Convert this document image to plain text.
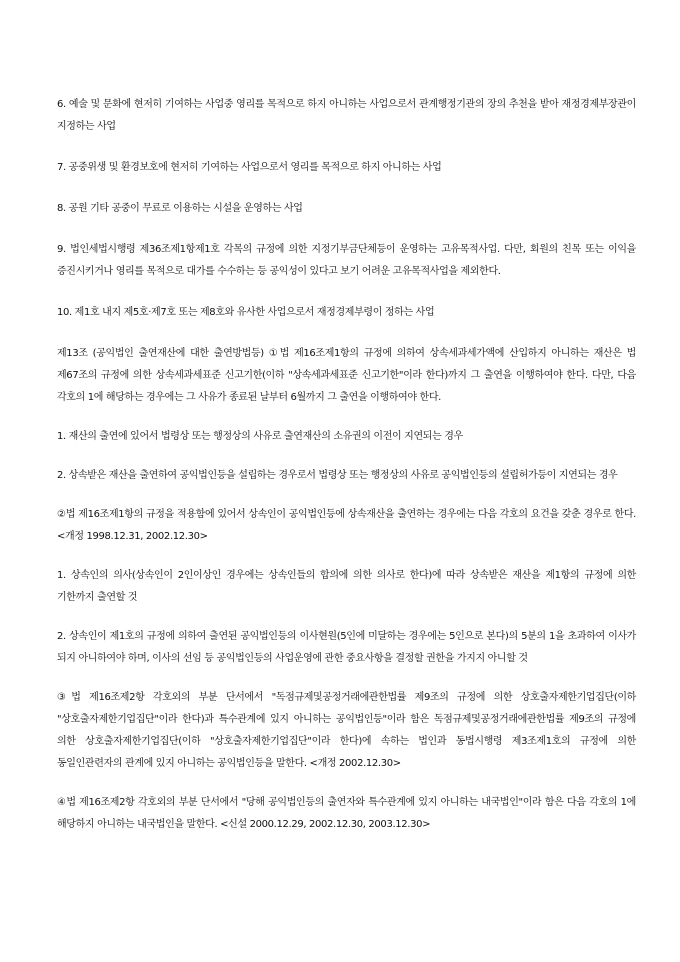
6. 예술 및 문화에 현저히 기여하는 사업중 영리를 목적으로 하지 아니하는 사업으로서 관계행정기관의 장의 추천을 받아 재정경제부장관이 지정하는 사업

7. 공중위생 및 환경보호에 현저히 기여하는 사업으로서 영리를 목적으로 하지 아니하는 사업

8. 공원 기타 공중이 무료로 이용하는 시설을 운영하는 사업

9. 법인세법시행령 제36조제1항제1호 각목의 규정에 의한 지정기부금단체등이 운영하는 고유목적사업. 다만, 회원의 친목 또는 이익을 증진시키거나 영리를 목적으로 대가를 수수하는 등 공익성이 있다고 보기 어려운 고유목적사업을 제외한다.

10. 제1호 내지 제5호·제7호 또는 제8호와 유사한 사업으로서 재정경제부령이 정하는 사업

제13조 (공익법인 출연재산에 대한 출연방법등) ①법 제16조제1항의 규정에 의하여 상속세과세가액에 산입하지 아니하는 재산은 법 제67조의 규정에 의한 상속세과세표준 신고기한(이하 "상속세과세표준 신고기한"이라 한다)까지 그 출연을 이행하여야 한다. 다만, 다음 각호의 1에 해당하는 경우에는 그 사유가 종료된 날부터 6월까지 그 출연을 이행하여야 한다.

1. 재산의 출연에 있어서 법령상 또는 행정상의 사유로 출연재산의 소유권의 이전이 지연되는 경우

2. 상속받은 재산을 출연하여 공익법인등을 설립하는 경우로서 법령상 또는 행정상의 사유로 공익법인등의 설립허가등이 지연되는 경우

②법 제16조제1항의 규정을 적용함에 있어서 상속인이 공익법인등에 상속재산을 출연하는 경우에는 다음 각호의 요건을 갖춘 경우로 한다. <개정 1998.12.31, 2002.12.30>

1. 상속인의 의사(상속인이 2인이상인 경우에는 상속인들의 합의에 의한 의사로 한다)에 따라 상속받은 재산을 제1항의 규정에 의한 기한까지 출연할 것

2. 상속인이 제1호의 규정에 의하여 출연된 공익법인등의 이사현원(5인에 미달하는 경우에는 5인으로 본다)의 5분의 1을 초과하여 이사가 되지 아니하여야 하며, 이사의 선임 등 공익법인등의 사업운영에 관한 중요사항을 결정할 권한을 가지지 아니할 것

③법 제16조제2항 각호외의 부분 단서에서 "독점규제및공정거래에관한법률 제9조의 규정에 의한 상호출자제한기업집단(이하 "상호출자제한기업집단"이라 한다)과 특수관계에 있지 아니하는 공익법인등"이라 함은 독점규제및공정거래에관한법률 제9조의 규정에 의한 상호출자제한기업집단(이하 "상호출자제한기업집단"이라 한다)에 속하는 법인과 동법시행령 제3조제1호의 규정에 의한 동일인관련자의 관계에 있지 아니하는 공익법인등을 말한다. <개정 2002.12.30>

④법 제16조제2항 각호외의 부분 단서에서 "당해 공익법인등의 출연자와 특수관계에 있지 아니하는 내국법인"이라 함은 다음 각호의 1에 해당하지 아니하는 내국법인을 말한다. <신설 2000.12.29, 2002.12.30, 2003.12.30>
